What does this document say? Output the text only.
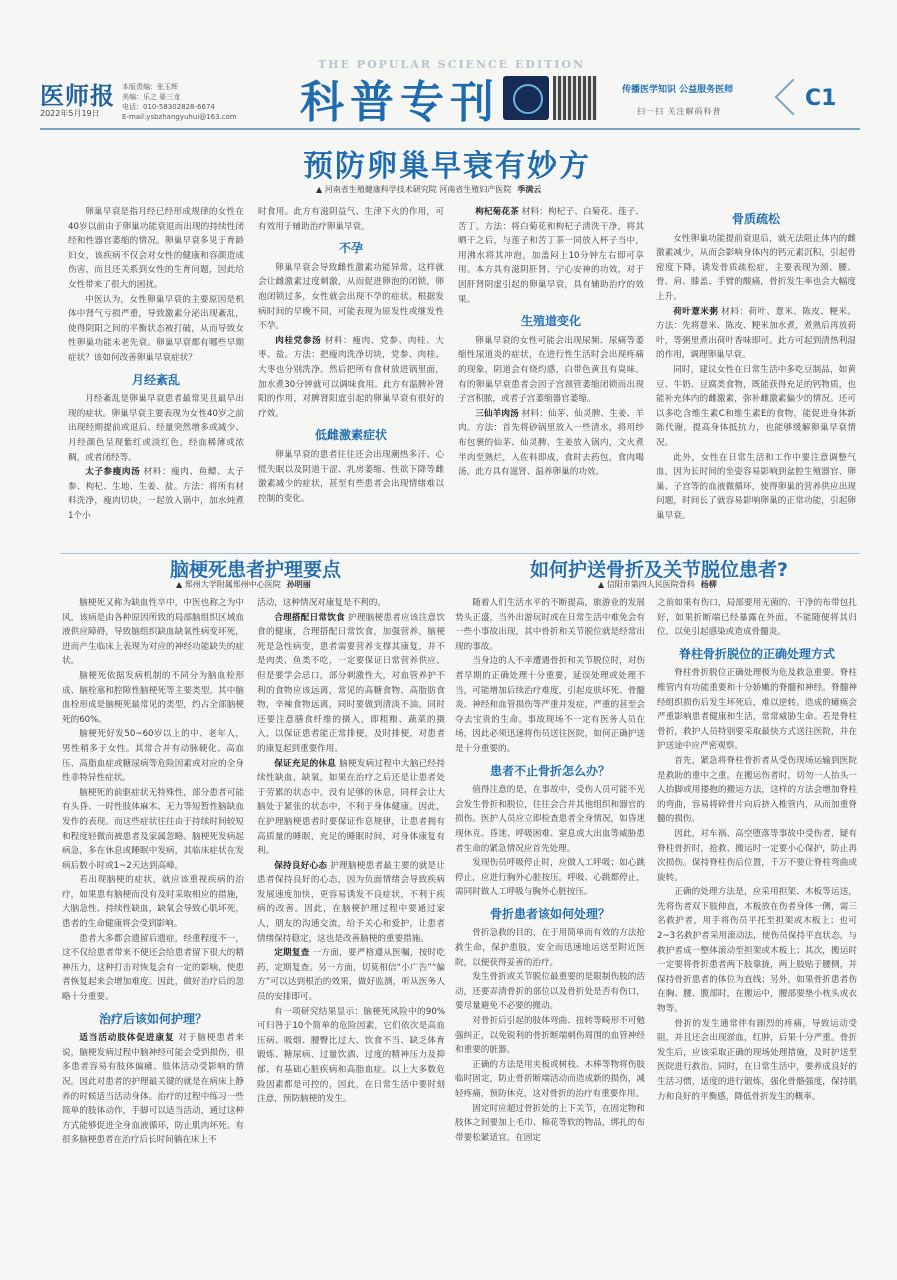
医师报
2022年5月19日
本版责编：张玉辉
美编：乐之 晏三龙
电话：010-58302828-6674
E-mail:ysbzhangyuhui@163.com
THE POPULAR SCIENCE EDITION
科普专刊	传播医学知识 公益服务医师
扫一扫 关注解码科普
C1
预防卵巢早衰有妙方
▲ 河南省生殖健康科学技术研究院 河南省生殖妇产医院 季满云

卵巢早衰是指月经已经形成规律的女性在40岁以前由于卵巢功能衰退而出现的持续性闭经和性器官萎缩的情况。卵巢早衰多见于育龄妇女，该疾病不仅会对女性的健康和容颜造成伤害，而且还关系到女性的生育问题，因此给女性带来了很大的困扰。

中医认为，女性卵巢早衰的主要原因是机体中肾气亏损严重，导致激素分泌出现紊乱，使得阴阳之间的平衡状态被打破，从而导致女性卵巢功能未老先衰。卵巢早衰都有哪些早期症状？该如何改善卵巢早衰症状？

月经紊乱

月经紊乱是卵巢早衰患者最常见且最早出现的症状。卵巢早衰主要表现为女性40岁之前出现经期提前或退后、经量突然增多或减少、月经颜色呈现紫红或淡红色，经血稀薄或浓稠，或者闭经等。

太子参瘦肉汤 材料：瘦肉、鱼鳔、太子参、枸杞、生地、生姜、盐。方法：将所有材料洗净，瘦肉切块，一起放入锅中，加水炖煮1个小

时食用。此方有滋阴益气、生津下火的作用，可有效用于辅助治疗卵巢早衰。

不孕

卵巢早衰会导致雌性激素功能异常，这样就会让雌激素过度刺激，从而促进卵泡的闭锁，卵泡闭锁过多，女性就会出现不孕的症状。根据发病时间的早晚不同，可能表现为原发性或继发性不孕。

肉桂党参汤 材料：瘦肉、党参、肉桂、大枣、盐。方法：把瘦肉洗净切块，党参、肉桂、大枣也分别洗净。然后把所有食材放进锅里面，加水煮30分钟就可以调味食用。此方有温脾补肾阳的作用，对脾肾阳虚引起的卵巢早衰有很好的疗效。

低雌激素症状

卵巢早衰的患者往往还会出现潮热多汗、心慌失眠以及阴道干涩、乳房萎缩、性欲下降等雌激素减少的症状，甚至有些患者会出现情绪难以控制的变化。

枸杞菊花茶 材料：枸杞子、白菊花、莲子、苦丁。方法：将白菊花和枸杞子清洗干净，将其晒干之后，与莲子和苦丁茶一同放入杯子当中，用沸水将其冲泡，加盖闷上10分钟左右即可享用。本方具有滋阴肝肾、宁心安神的功效，对于因肝肾阴虚引起的卵巢早衰，具有辅助治疗的效果。

生殖道变化

卵巢早衰的女性可能会出现尿频、尿痛等萎缩性尿道炎的症状，在进行性生活时会出现疼痛的现象，阴道会有烧灼感，白带色黄且有臭味。有的卵巢早衰患者会因子宫颈管萎缩闭锁而出现子宫积脓，或者子宫萎缩器官萎缩。

三仙羊肉汤 材料：仙茅、仙灵脾、生姜、羊肉。方法：首先将砂锅里放入一些清水，将用纱布包裹的仙茅、仙灵脾、生姜放入锅内，文火煮半肉至熟烂，入佐料即成，食时去药包，食肉喝汤。此方具有滋肾、温养卵巢的功效。

骨质疏松

女性卵巢功能提前衰退后，就无法阻止体内的雌激素减少，从而会影响身体内的钙元素沉积，引起骨密度下降，诱发骨质疏松症，主要表现为颈、腰、骨、肩、膝盖、手臂的酸痛，骨折发生率也会大幅度上升。

荷叶薏米粥 材料：荷叶、薏米、陈皮、粳米。方法：先将薏米、陈皮、粳米加水煮，煮熟后再放荷叶，等粥里煮出荷叶香味即可。此方可起到清热利湿的作用，调理卵巢早衰。

同时，建议女性在日常生活中多吃豆制品，如黄豆、牛奶、豆腐类食物，既能获得充足的钙物质，也能补充体内的雌激素，弥补雌激素偏少的情况。还可以多吃含维生素C和维生素E的食物，能促进身体新陈代谢，提高身体抵抗力，也能够缓解卵巢早衰情况。

此外，女性在日常生活和工作中要注意调整气血，因为长时间的坐姿容易影响到盆腔生殖器官、卵巢、子宫等的血液微循环，使得卵巢的营养供应出现问题，时间长了就容易影响卵巢的正常功能，引起卵巢早衰。

脑梗死患者护理要点
▲ 郑州大学附属郑州中心医院 孙明丽

脑梗死又称为缺血性卒中，中医也称之为中风，该病是由各种原因所致的局部脑组织区域血液供应障碍，导致脑组织缺血缺氧性病变坏死，进而产生临床上表现为对应的神经功能缺失的症状。

脑梗死依据发病机制的不同分为脑血栓形成、脑栓塞和腔隙性脑梗死等主要类型。其中脑血栓形成是脑梗死最常见的类型，约占全部脑梗死的60%。

脑梗死好发50~60岁以上的中、老年人，男性稍多于女性。其常合并有动脉硬化、高血压、高脂血症或糖尿病等危险因素或对应的全身性非特异性症状。

脑梗死的前驱症状无特殊性，部分患者可能有头昏、一时性肢体麻木、无力等短暂性脑缺血发作的表现。而这些症状往往由于持续时间较短和程度轻微而被患者及家属忽略。脑梗死发病起病急，多在休息或睡眠中发病，其临床症状在发病后数小时或1~2天达到高峰。

若出现脑梗的症状，就应该重视疾病的治疗，如果患有脑梗而没有及时采取相应的措施，大脑急性、持续性缺血，缺氧会导致心肌坏死，患者的生命健康将会受到影响。

患者大多都会遗留后遗症，经重程度不一，这不仅给患者带来不便还会给患者留下很大的精神压力，这种打击对恢复会有一定的影响，使患者恢复起来会增加难度。因此，做好治疗后的忽略十分重要。

治疗后该如何护理？

适当活动肢体促进康复 对于脑梗患者来说，脑梗发病过程中脑神经可能会受到损伤，很多患者容易有肢体偏瘫、肢体活动受影响的情况。因此对患者的护理最关键的就是在病床上静养的时候适当活动身体。治疗的过程中练习一些简单的肢体动作，手脚可以适当活动，通过这种方式能够促进全身血液循环，防止肌肉坏死。有很多脑梗患者在治疗后长时间躺在床上不

活动，这种情况对康复是不利的。

合理搭配日常饮食 护理脑梗患者应该注意饮食的健康，合理搭配日常饮食，加强营养，脑梗死是急性病变，患者需要营养支撑其康复，并不是肉类、鱼类不吃，一定要保证日常营养供应。但是要学会忌口，部分刺激性大，对血管养护不利的食物应该远离，常见的高糖食物、高脂肪食物，辛辣食物远离，同时要做到清淡不油。同时还要注意膳食纤维的摄入，即粗粮、蔬菜的摄入，以保证患者能正常排便，及时排便，对患者的康复起到重要作用。

保证充足的休息 脑梗发病过程中大脑已经持续性缺血，缺氧，如果在治疗之后还是让患者处于劳累的状态中，没有足够的休息，同样会让大脑处于紧张的状态中，不利于身体健康。因此，在护理脑梗患者时要保证作息规律，让患者拥有高质量的睡眠，充足的睡眠时间，对身体康复有利。

保持良好心态 护理脑梗患者最主要的就是让患者保持良好的心态，因为负面情绪会导致疾病发展速度加快，更容易诱发不良症状，不利于疾病的改善。因此，在脑梗护理过程中要通过家人，朋友的沟通交流，给予关心和爱护，让患者情绪保持稳定，这也是改善脑梗的重要措施。

定期复查 一方面，要严格遵从医嘱，按时吃药，定期复查。另一方面，切莫相信“小广告”“偏方”可以达到根治的效果，做好监测，听从医务人员的安排即可。

有一项研究结果显示：脑梗死风险中的90%可归咎于10个简单的危险因素，它们依次是高血压病、吸烟、腰臀比过大、饮食不当、缺乏体育锻炼、糖尿病、过量饮酒、过度的精神压力及抑郁、有基础心脏疾病和高脂血症。以上大多数危险因素都是可控的，因此，在日常生活中要时刻注意，预防脑梗的发生。

如何护送骨折及关节脱位患者?
▲ 信阳市第四人民医院骨科 杨柳

随着人们生活水平的不断提高，旅游业的发展势头正盛，当外出游玩时或在日常生活中难免会有一些小事故出现，其中骨折和关节脱位就是经常出现的事故。

当身边的人不幸遭遇骨折和关节脱位时，对伤者早期的正确处理十分重要，延误处理或处理不当，可能增加后续治疗难度，引起皮肤坏死、骨髓炎、神经和血管损伤等严重并发症，严重的甚至会夺去宝贵的生命。事故现场不一定有医务人员在场，因此必须迅速将伤员送往医院，如何正确护送是十分重要的。

患者不止骨折怎么办？

值得注意的是，在事故中，受伤人员可能不光会发生骨折和脱位，往往会合并其他组织和器官的损伤。医护人员应立即检查患者全身情况，如昏迷现休克、昏迷、呼吸困难、窒息或大出血等威胁患者生命的紧急情况应首先处理。

发现伤员呼吸停止时，应做人工呼吸；如心跳停止，应进行胸外心脏按压。呼吸、心跳都停止，需同时做人工呼吸与胸外心脏按压。

骨折患者该如何处理？

骨折急救的目的，在于用简单而有效的方法抢救生命，保护患肢，安全而迅速地运送至附近医院，以便获得妥善的治疗。

发生骨折或关节脱位最重要的是限制伤肢的活动，还要弄清骨折的部位以及骨折处是否有伤口，要尽量避免不必要的搬动。

对骨折后引起的肢体弯曲、扭转等畸形不可勉强纠正，以免锐利的骨折断端刺伤周围的血管神经和重要的脏器。

正确的方法是用夹板或树枝、木棒等物将伤肢临时固定，防止骨折断端活动而造成新的损伤，减轻疼痛，预防休克，这对骨折的治疗有重要作用。

固定时应超过骨折处的上下关节，在固定物和肢体之间要加上毛巾、棉花等软的物品，绑扎的布带要松紧适宜。在固定

之前如果有伤口，局部要用无菌的、干净的布带包扎好，如果折断端已经暴露在外面，不能随便将其归位，以免引起感染或造成骨髓炎。

脊柱骨折脱位的正确处理方式

脊柱骨折脱位正确处理极为危及救急重要。脊柱椎管内有功能重要和十分娇嫩的脊髓和神经。脊髓神经组织损伤后发生坏死后，难以逆转。造成的瘫痪会严重影响患者健康和生活，常常威胁生命。若是脊柱骨折，救护人员特别要采取最快方式送往医院，并在护送途中应严密观察。

首先，紧急将脊柱骨折者从受伤现场运输到医院是救助的重中之重。在搬运伤者时，切勿一人抬头一人抬脚或用搂抱的搬运方法，这样的方法会增加脊柱的弯曲，容易将碎骨片向后挤入椎管内，从而加重脊髓的损伤。

因此，对车祸、高空堕落等事故中受伤者，疑有脊柱骨折时，抢救、搬运时一定要小心保护，防止再次损伤。保持脊柱伤后位置，千万不要让脊柱弯曲或旋转。

正确的处理方法是，应采用担架、木板等运送，先将伤者双下肢伸直，木板放在伤者身体一侧，需三名救护者，用手将伤员平托至担架或木板上；也可2~3名救护者采用滚动法，使伤员保持平直状态，与救护者成一整体滚动至担架或木板上；其次，搬运时一定要将骨折患者两下肢靠拢，两上肢贴于腰侧，并保持骨折患者的体位为直线；另外，如果骨折患者伤在胸、腰、腹部时，在搬运中，腰部要垫小枕头或衣物等。

骨折的发生通常伴有剧烈的疼痛，导致运动受阻，并且还会出现淤血，红肿，后果十分严重。骨折发生后，应该采取正确的现场处理措施，及时护送至医院进行救治。同时，在日常生活中，要养成良好的生活习惯，适度的进行锻炼，强化骨骼强度，保持肌力和良好的平衡感，降低骨折发生的概率。
